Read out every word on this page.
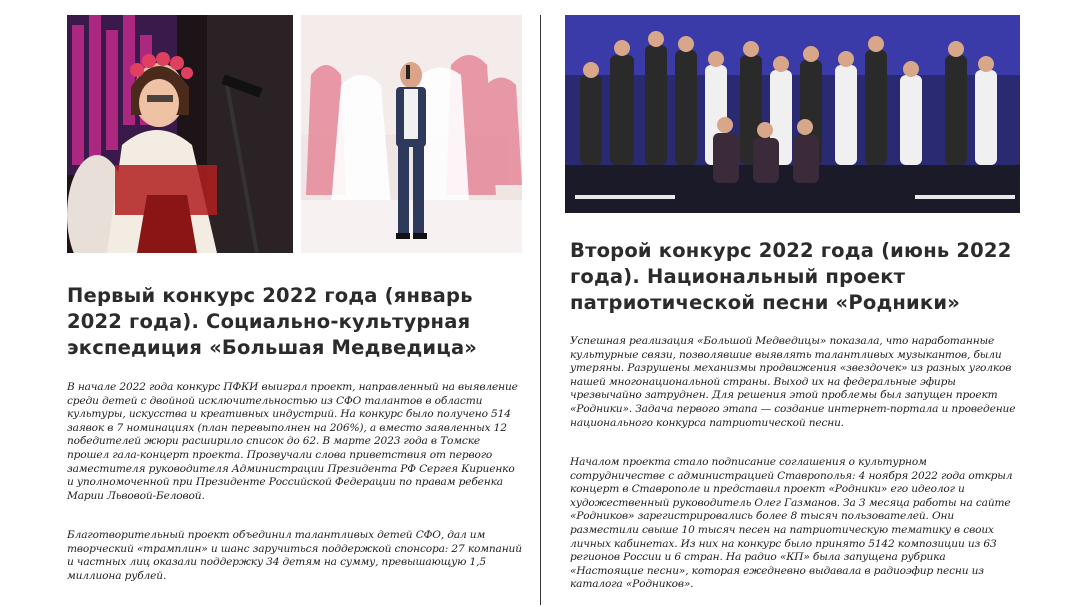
Первый конкурс 2022 года (январь 2022 года). Социально-культурная экспедиция «Большая Медведица»

В начале 2022 года конкурс ПФКИ выиграл проект, направленный на выявление среди детей с двойной исключительностью из СФО талантов в области культуры, искусства и креативных индустрий. На конкурс было получено 514 заявок в 7 номинациях (план перевыполнен на 206%), а вместо заявленных 12 победителей жюри расширило список до 62. В марте 2023 года в Томске прошел гала-концерт проекта. Прозвучали слова приветствия от первого заместителя руководителя Администрации Президента РФ Сергея Кириенко и уполномоченной при Президенте Российской Федерации по правам ребенка Марии Львовой-Беловой.

Благотворительный проект объединил талантливых детей СФО, дал им творческий «трамплин» и шанс заручиться поддержкой спонсора: 27 компаний и частных лиц оказали поддержку 34 детям на сумму, превышающую 1,5 миллиона рублей.

Второй конкурс 2022 года (июнь 2022 года). Национальный проект патриотической песни «Родники»

Успешная реализация «Большой Медведицы» показала, что наработанные культурные связи, позволявшие выявлять талантливых музыкантов, были утеряны. Разрушены механизмы продвижения «звездочек» из разных уголков нашей многонациональной страны. Выход их на федеральные эфиры чрезвычайно затруднен. Для решения этой проблемы был запущен проект «Родники». Задача первого этапа — создание интернет-портала и проведение национального конкурса патриотической песни.

Началом проекта стало подписание соглашения о культурном сотрудничестве с администрацией Ставрополья: 4 ноября 2022 года открыл концерт в Ставрополе и представил проект «Родники» его идеолог и художественный руководитель Олег Газманов. За 3 месяца работы на сайте «Родников» зарегистрировались более 8 тысяч пользователей. Они разместили свыше 10 тысяч песен на патриотическую тематику в своих личных кабинетах. Из них на конкурс было принято 5142 композиции из 63 регионов России и 6 стран. На радио «КП» была запущена рубрика «Настоящие песни», которая ежедневно выдавала в радиоэфир песни из каталога «Родников».
